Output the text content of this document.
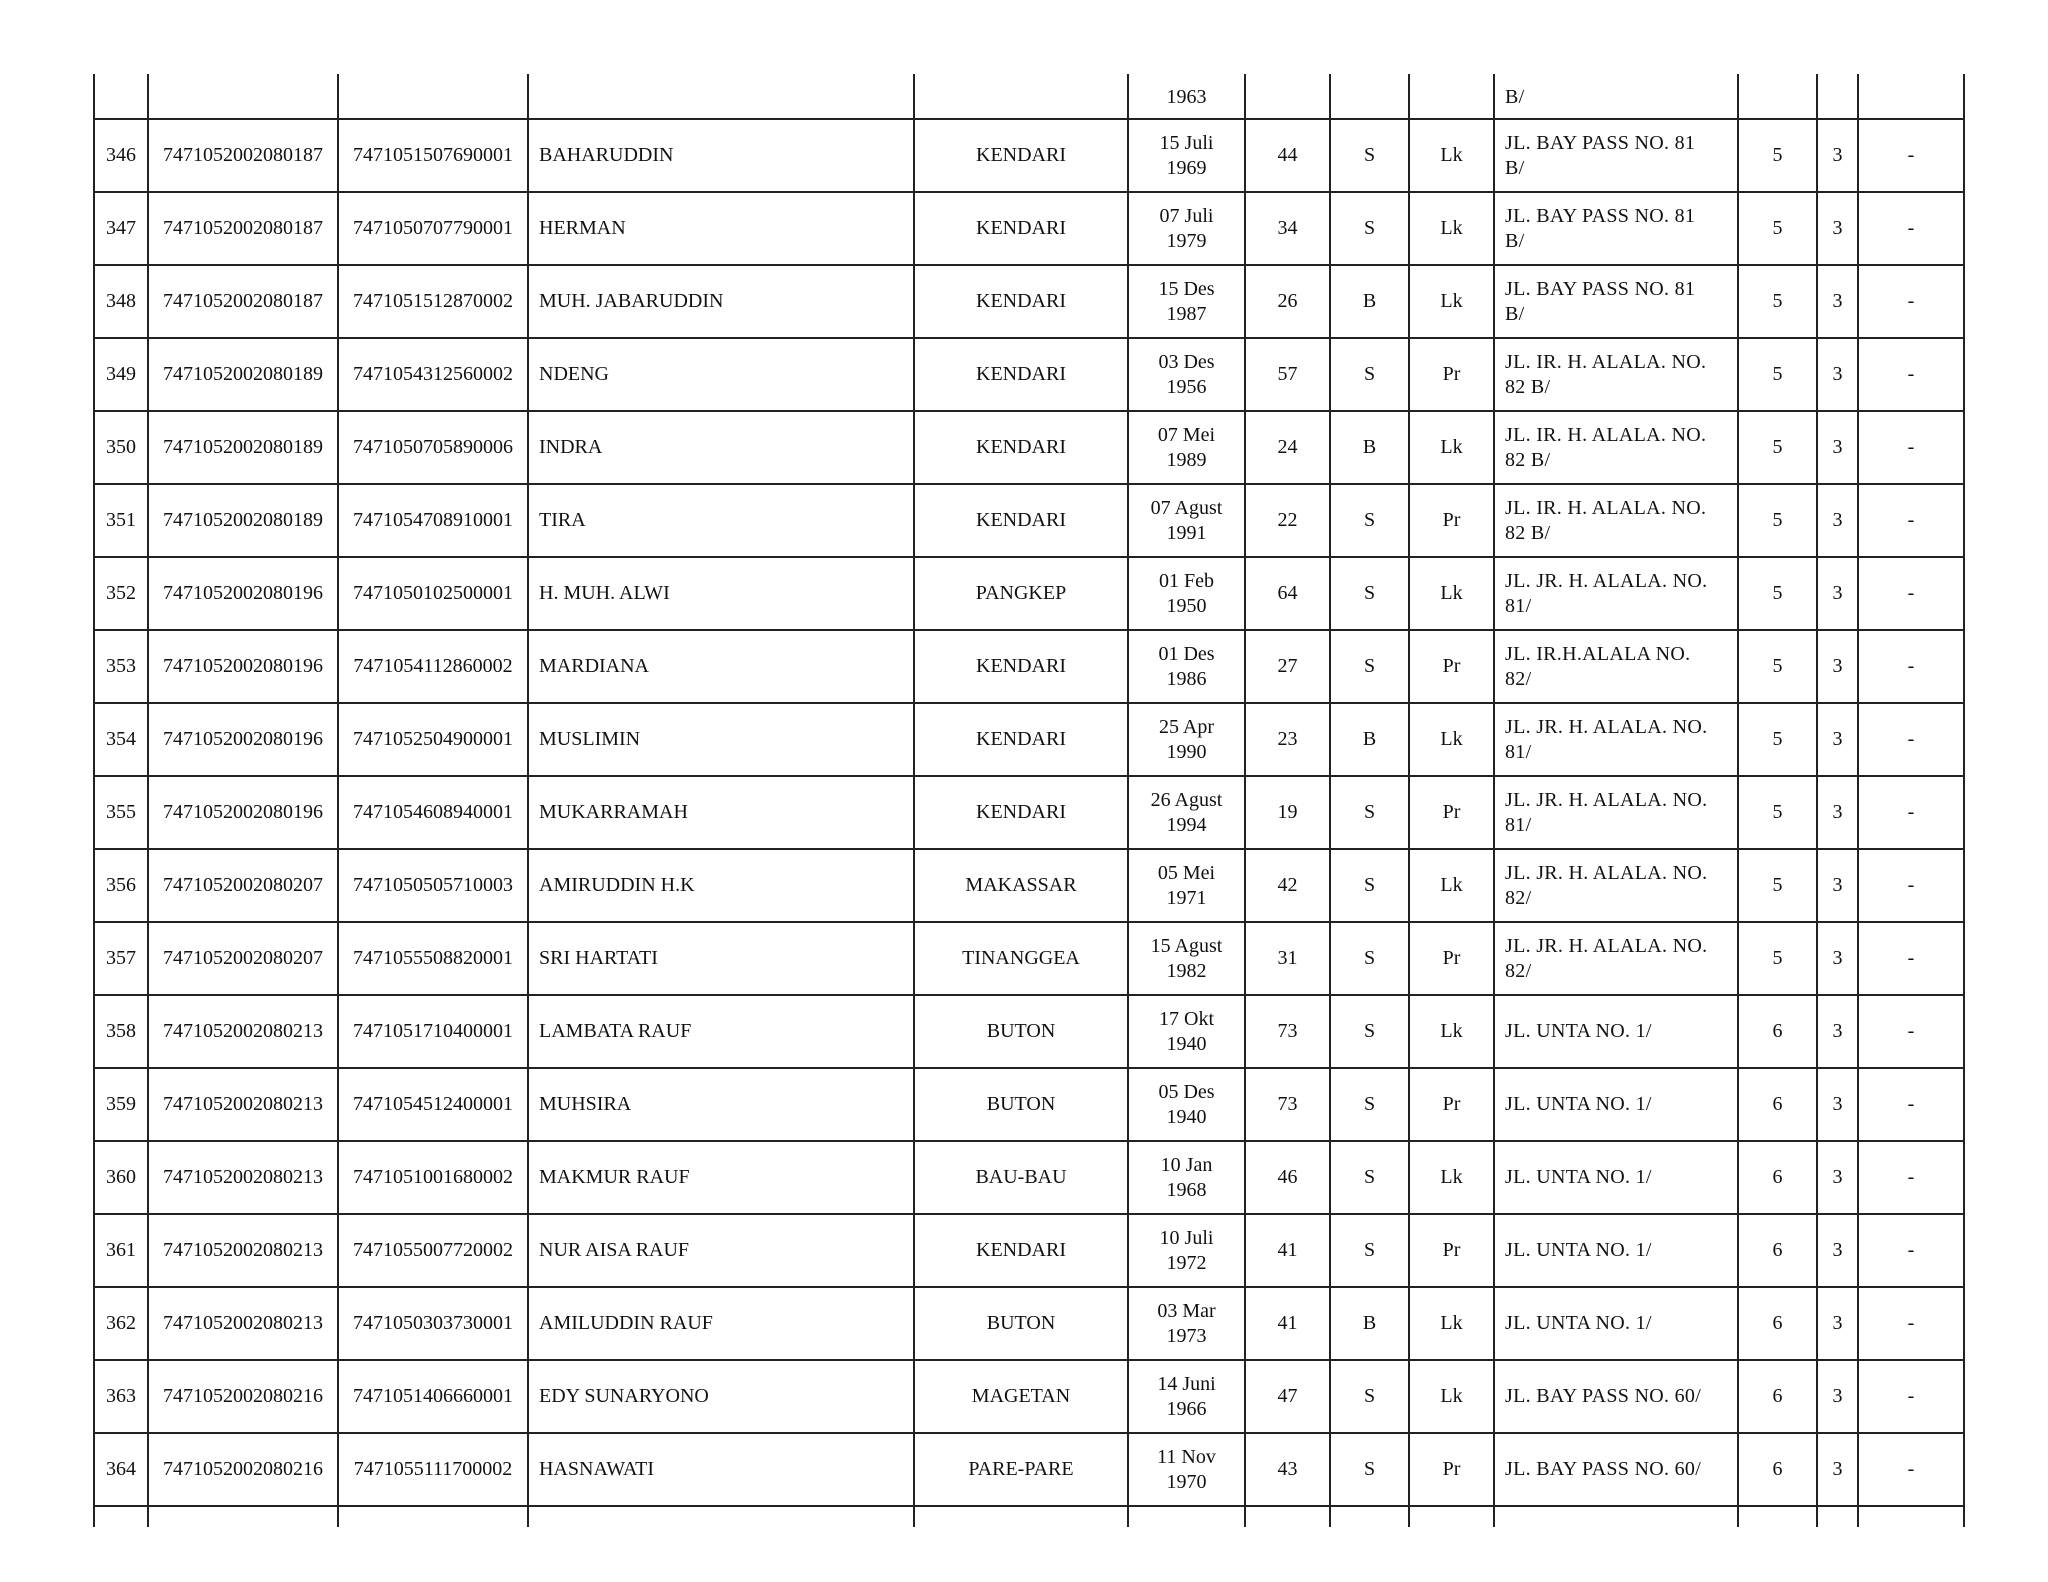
					1963				B/			
346	7471052002080187	7471051507690001	BAHARUDDIN	KENDARI	15 Juli
1969	44	S	Lk	JL. BAY PASS NO. 81
B/	5	3	-
347	7471052002080187	7471050707790001	HERMAN	KENDARI	07 Juli
1979	34	S	Lk	JL. BAY PASS NO. 81
B/	5	3	-
348	7471052002080187	7471051512870002	MUH. JABARUDDIN	KENDARI	15 Des
1987	26	B	Lk	JL. BAY PASS NO. 81
B/	5	3	-
349	7471052002080189	7471054312560002	NDENG	KENDARI	03 Des
1956	57	S	Pr	JL. IR. H. ALALA. NO.
82 B/	5	3	-
350	7471052002080189	7471050705890006	INDRA	KENDARI	07 Mei
1989	24	B	Lk	JL. IR. H. ALALA. NO.
82 B/	5	3	-
351	7471052002080189	7471054708910001	TIRA	KENDARI	07 Agust
1991	22	S	Pr	JL. IR. H. ALALA. NO.
82 B/	5	3	-
352	7471052002080196	7471050102500001	H. MUH. ALWI	PANGKEP	01 Feb
1950	64	S	Lk	JL. JR. H. ALALA. NO.
81/	5	3	-
353	7471052002080196	7471054112860002	MARDIANA	KENDARI	01 Des
1986	27	S	Pr	JL. IR.H.ALALA NO.
82/	5	3	-
354	7471052002080196	7471052504900001	MUSLIMIN	KENDARI	25 Apr
1990	23	B	Lk	JL. JR. H. ALALA. NO.
81/	5	3	-
355	7471052002080196	7471054608940001	MUKARRAMAH	KENDARI	26 Agust
1994	19	S	Pr	JL. JR. H. ALALA. NO.
81/	5	3	-
356	7471052002080207	7471050505710003	AMIRUDDIN H.K	MAKASSAR	05 Mei
1971	42	S	Lk	JL. JR. H. ALALA. NO.
82/	5	3	-
357	7471052002080207	7471055508820001	SRI HARTATI	TINANGGEA	15 Agust
1982	31	S	Pr	JL. JR. H. ALALA. NO.
82/	5	3	-
358	7471052002080213	7471051710400001	LAMBATA RAUF	BUTON	17 Okt
1940	73	S	Lk	JL. UNTA NO. 1/	6	3	-
359	7471052002080213	7471054512400001	MUHSIRA	BUTON	05 Des
1940	73	S	Pr	JL. UNTA NO. 1/	6	3	-
360	7471052002080213	7471051001680002	MAKMUR RAUF	BAU-BAU	10 Jan
1968	46	S	Lk	JL. UNTA NO. 1/	6	3	-
361	7471052002080213	7471055007720002	NUR AISA RAUF	KENDARI	10 Juli
1972	41	S	Pr	JL. UNTA NO. 1/	6	3	-
362	7471052002080213	7471050303730001	AMILUDDIN RAUF	BUTON	03 Mar
1973	41	B	Lk	JL. UNTA NO. 1/	6	3	-
363	7471052002080216	7471051406660001	EDY SUNARYONO	MAGETAN	14 Juni
1966	47	S	Lk	JL. BAY PASS NO. 60/	6	3	-
364	7471052002080216	7471055111700002	HASNAWATI	PARE-PARE	11 Nov
1970	43	S	Pr	JL. BAY PASS NO. 60/	6	3	-
